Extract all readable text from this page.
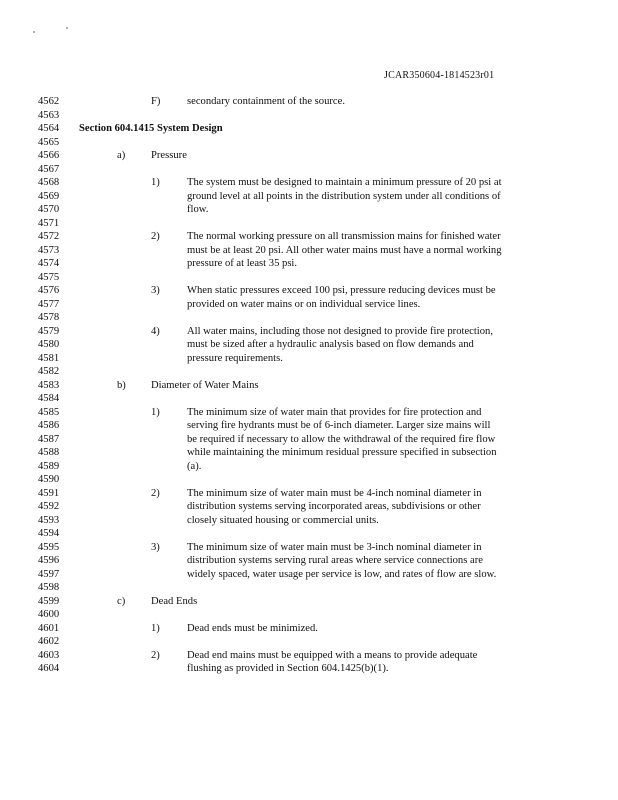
JCAR350604-1814523r01
4562	F)	secondary containment of the source.
4563
4564	Section 604.1415 System Design
4565
4566	a) Pressure
4567
4568	1)	The system must be designed to maintain a minimum pressure of 20 psi at
4569	ground level at all points in the distribution system under all conditions of
4570	flow.
4571
4572	2)	The normal working pressure on all transmission mains for finished water
4573	must be at least 20 psi. All other water mains must have a normal working
4574	pressure of at least 35 psi.
4575
4576	3)	When static pressures exceed 100 psi, pressure reducing devices must be
4577	provided on water mains or on individual service lines.
4578
4579	4)	All water mains, including those not designed to provide fire protection,
4580	must be sized after a hydraulic analysis based on flow demands and
4581	pressure requirements.
4582
4583	b) Diameter of Water Mains
4584
4585	1)	The minimum size of water main that provides for fire protection and
4586	serving fire hydrants must be of 6-inch diameter. Larger size mains will
4587	be required if necessary to allow the withdrawal of the required fire flow
4588	while maintaining the minimum residual pressure specified in subsection
4589	(a).
4590
4591	2)	The minimum size of water main must be 4-inch nominal diameter in
4592	distribution systems serving incorporated areas, subdivisions or other
4593	closely situated housing or commercial units.
4594
4595	3)	The minimum size of water main must be 3-inch nominal diameter in
4596	distribution systems serving rural areas where service connections are
4597	widely spaced, water usage per service is low, and rates of flow are slow.
4598
4599	c) Dead Ends
4600
4601	1)	Dead ends must be minimized.
4602
4603	2)	Dead end mains must be equipped with a means to provide adequate
4604	flushing as provided in Section 604.1425(b)(1).
